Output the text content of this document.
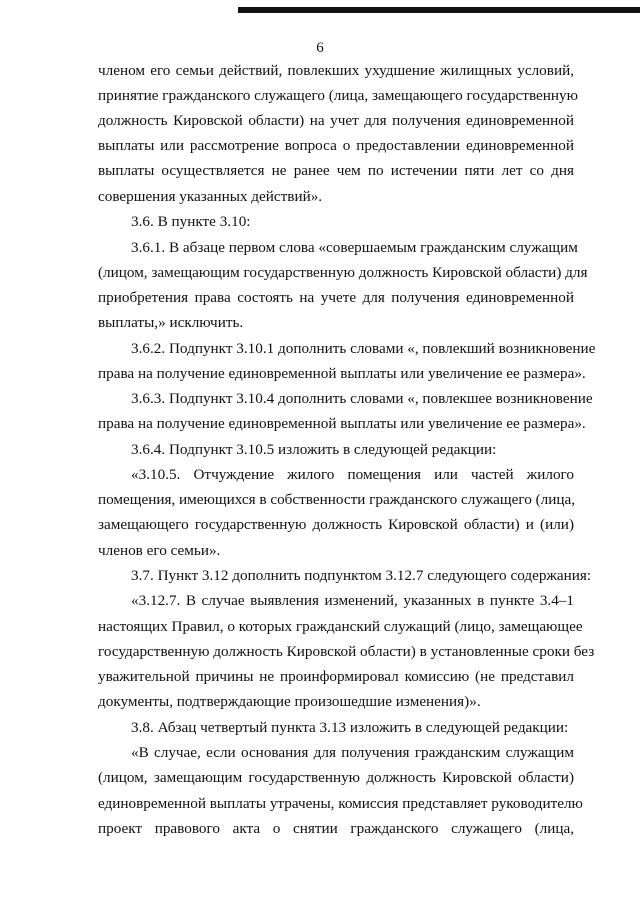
6
членом его семьи действий, повлекших ухудшение жилищных условий,
принятие гражданского служащего (лица, замещающего государственную
должность Кировской области) на учет для получения единовременной
выплаты или рассмотрение вопроса о предоставлении единовременной
выплаты осуществляется не ранее чем по истечении пяти лет со дня
совершения указанных действий».
3.6. В пункте 3.10:
3.6.1. В абзаце первом слова «совершаемым гражданским служащим
(лицом, замещающим государственную должность Кировской области) для
приобретения права состоять на учете для получения единовременной
выплаты,» исключить.
3.6.2. Подпункт 3.10.1 дополнить словами «, повлекший возникновение
права на получение единовременной выплаты или увеличение ее размера».
3.6.3. Подпункт 3.10.4 дополнить словами «, повлекшее возникновение
права на получение единовременной выплаты или увеличение ее размера».
3.6.4. Подпункт 3.10.5 изложить в следующей редакции:
«3.10.5. Отчуждение жилого помещения или частей жилого
помещения, имеющихся в собственности гражданского служащего (лица,
замещающего государственную должность Кировской области) и (или)
членов его семьи».
3.7. Пункт 3.12 дополнить подпунктом 3.12.7 следующего содержания:
«3.12.7. В случае выявления изменений, указанных в пункте 3.4–1
настоящих Правил, о которых гражданский служащий (лицо, замещающее
государственную должность Кировской области) в установленные сроки без
уважительной причины не проинформировал комиссию (не представил
документы, подтверждающие произошедшие изменения)».
3.8. Абзац четвертый пункта 3.13 изложить в следующей редакции:
«В случае, если основания для получения гражданским служащим
(лицом, замещающим государственную должность Кировской области)
единовременной выплаты утрачены, комиссия представляет руководителю
проект правового акта о снятии гражданского служащего (лица,
